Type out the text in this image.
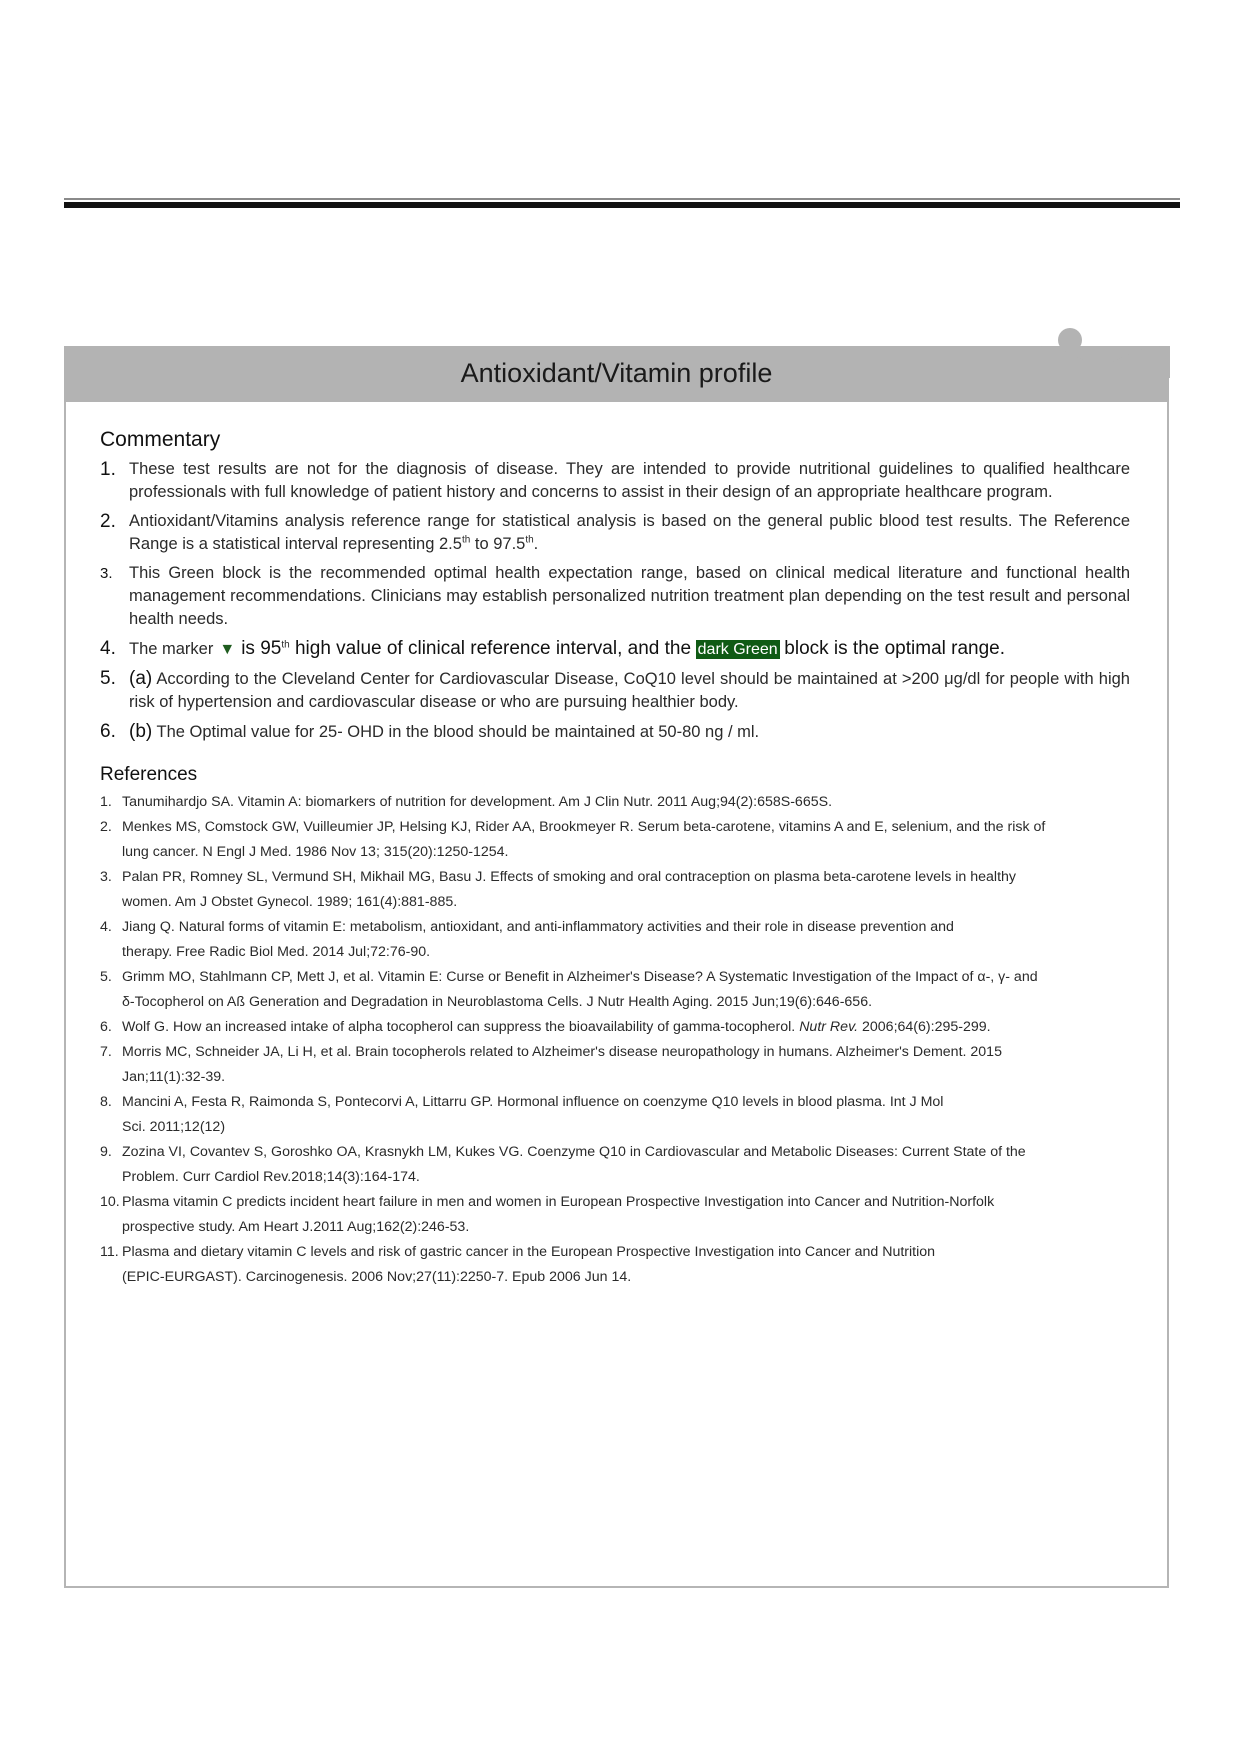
Antioxidant/Vitamin profile
Commentary
1. These test results are not for the diagnosis of disease. They are intended to provide nutritional guidelines to qualified healthcare professionals with full knowledge of patient history and concerns to assist in their design of an appropriate healthcare program.
2. Antioxidant/Vitamins analysis reference range for statistical analysis is based on the general public blood test results. The Reference Range is a statistical interval representing 2.5th to 97.5th.
3. This Green block is the recommended optimal health expectation range, based on clinical medical literature and functional health management recommendations. Clinicians may establish personalized nutrition treatment plan depending on the test result and personal health needs.
4. The marker ▼ is 95th high value of clinical reference interval, and the dark Green block is the optimal range.
5. (a) According to the Cleveland Center for Cardiovascular Disease, CoQ10 level should be maintained at >200 μg/dl for people with high risk of hypertension and cardiovascular disease or who are pursuing healthier body.
6. (b) The Optimal value for 25- OHD in the blood should be maintained at 50-80 ng / ml.
References
1. Tanumihardjo SA. Vitamin A: biomarkers of nutrition for development. Am J Clin Nutr. 2011 Aug;94(2):658S-665S.
2. Menkes MS, Comstock GW, Vuilleumier JP, Helsing KJ, Rider AA, Brookmeyer R. Serum beta-carotene, vitamins A and E, selenium, and the risk of
lung cancer. N Engl J Med. 1986 Nov 13; 315(20):1250-1254.
3. Palan PR, Romney SL, Vermund SH, Mikhail MG, Basu J. Effects of smoking and oral contraception on plasma beta-carotene levels in healthy
women. Am J Obstet Gynecol. 1989; 161(4):881-885.
4. Jiang Q. Natural forms of vitamin E: metabolism, antioxidant, and anti-inflammatory activities and their role in disease prevention and
therapy. Free Radic Biol Med. 2014 Jul;72:76-90.
5. Grimm MO, Stahlmann CP, Mett J, et al. Vitamin E: Curse or Benefit in Alzheimer's Disease? A Systematic Investigation of the Impact of α-, γ- and
δ-Tocopherol on Aß Generation and Degradation in Neuroblastoma Cells. J Nutr Health Aging. 2015 Jun;19(6):646-656.
6. Wolf G. How an increased intake of alpha tocopherol can suppress the bioavailability of gamma-tocopherol. Nutr Rev. 2006;64(6):295-299.
7. Morris MC, Schneider JA, Li H, et al. Brain tocopherols related to Alzheimer's disease neuropathology in humans. Alzheimer's Dement. 2015
Jan;11(1):32-39.
8. Mancini A, Festa R, Raimonda S, Pontecorvi A, Littarru GP. Hormonal influence on coenzyme Q10 levels in blood plasma. Int J Mol
Sci. 2011;12(12)
9. Zozina VI, Covantev S, Goroshko OA, Krasnykh LM, Kukes VG. Coenzyme Q10 in Cardiovascular and Metabolic Diseases: Current State of the
Problem. Curr Cardiol Rev.2018;14(3):164-174.
10. Plasma vitamin C predicts incident heart failure in men and women in European Prospective Investigation into Cancer and Nutrition-Norfolk
prospective study. Am Heart J.2011 Aug;162(2):246-53.
11. Plasma and dietary vitamin C levels and risk of gastric cancer in the European Prospective Investigation into Cancer and Nutrition
(EPIC-EURGAST). Carcinogenesis. 2006 Nov;27(11):2250-7. Epub 2006 Jun 14.
